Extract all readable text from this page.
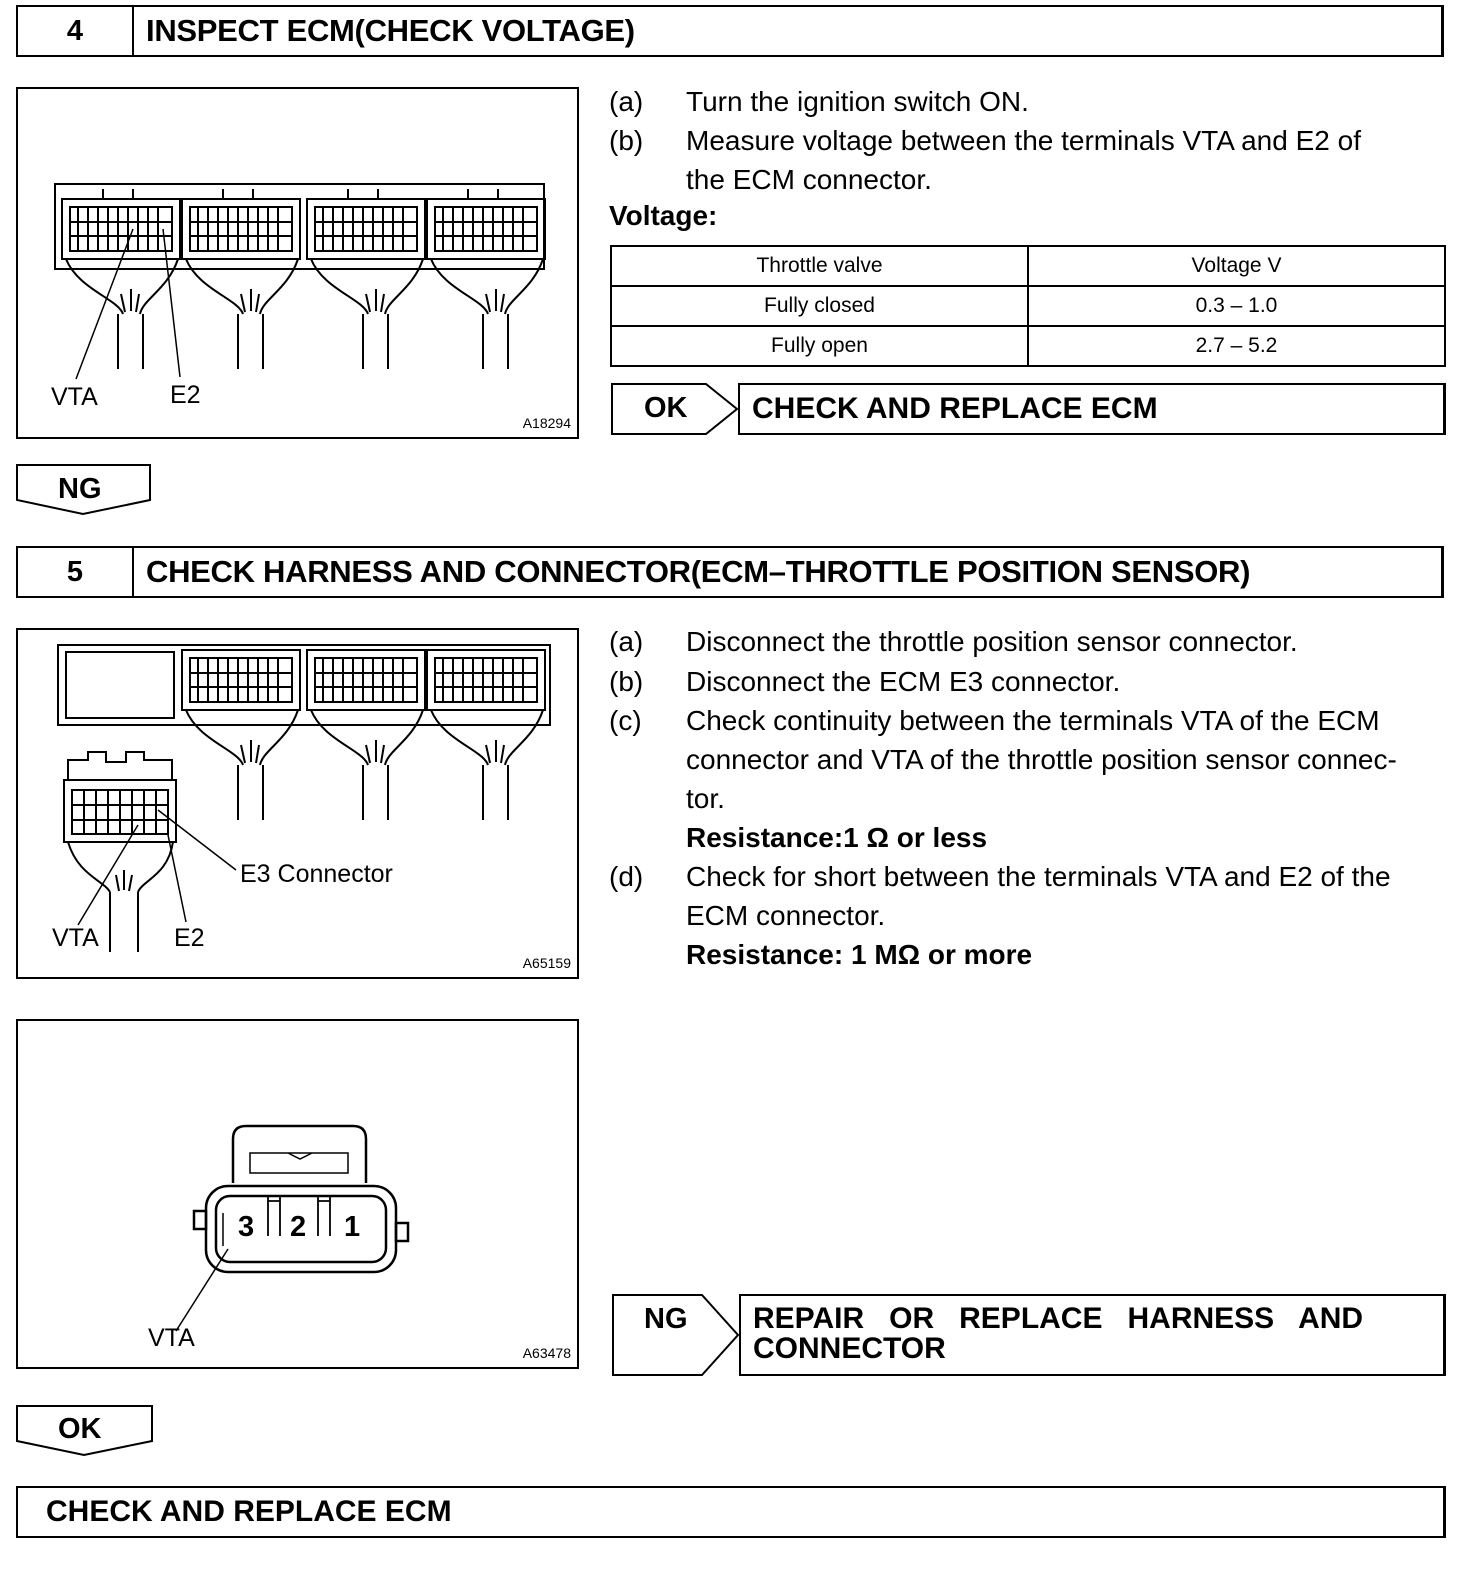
4	INSPECT ECM(CHECK VOLTAGE)
VTA	E2
A18294
(a) Turn the ignition switch ON.
(b) Measure voltage between the terminals VTA and E2 of
the ECM connector.
Voltage:
Throttle valve	Voltage V
Fully closed	0.3 – 1.0
Fully open	2.7 – 5.2
OK	CHECK AND REPLACE ECM
NG
5	CHECK HARNESS AND CONNECTOR(ECM–THROTTLE POSITION SENSOR)
E3 Connector
VTA	E2
A65159
3 2 1
VTA
A63478
(a) Disconnect the throttle position sensor connector.
(b) Disconnect the ECM E3 connector.
(c) Check continuity between the terminals VTA of the ECM
connector and VTA of the throttle position sensor connec-
tor.
Resistance:1 Ω or less
(d) Check for short between the terminals VTA and E2 of the
ECM connector.
Resistance: 1 MΩ or more
NG REPAIR   OR   REPLACE   HARNESS   AND
CONNECTOR
OK
CHECK AND REPLACE ECM
